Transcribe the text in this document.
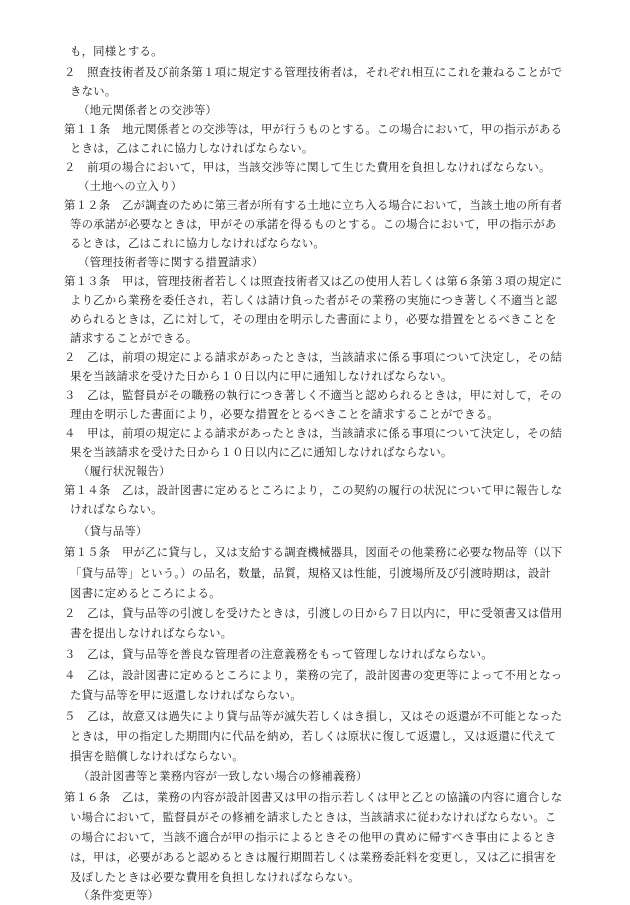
も，同様とする。
２　照査技術者及び前条第１項に規定する管理技術者は，それぞれ相互にこれを兼ねることがで
きない。
（地元関係者との交渉等）
第１１条　地元関係者との交渉等は，甲が行うものとする。この場合において，甲の指示がある
ときは，乙はこれに協力しなければならない。
２　前項の場合において，甲は，当該交渉等に関して生じた費用を負担しなければならない。
（土地への立入り）
第１２条　乙が調査のために第三者が所有する土地に立ち入る場合において，当該土地の所有者
等の承諾が必要なときは，甲がその承諾を得るものとする。この場合において，甲の指示があ
るときは，乙はこれに協力しなければならない。
（管理技術者等に関する措置請求）
第１３条　甲は，管理技術者若しくは照査技術者又は乙の使用人若しくは第６条第３項の規定に
より乙から業務を委任され，若しくは請け負った者がその業務の実施につき著しく不適当と認
められるときは，乙に対して，その理由を明示した書面により，必要な措置をとるべきことを
請求することができる。
２　乙は，前項の規定による請求があったときは，当該請求に係る事項について決定し，その結
果を当該請求を受けた日から１０日以内に甲に通知しなければならない。
３　乙は，監督員がその職務の執行につき著しく不適当と認められるときは，甲に対して，その
理由を明示した書面により，必要な措置をとるべきことを請求することができる。
４　甲は，前項の規定による請求があったときは，当該請求に係る事項について決定し，その結
果を当該請求を受けた日から１０日以内に乙に通知しなければならない。
（履行状況報告）
第１４条　乙は，設計図書に定めるところにより，この契約の履行の状況について甲に報告しな
ければならない。
（貸与品等）
第１５条　甲が乙に貸与し，又は支給する調査機械器具，図面その他業務に必要な物品等（以下
「貸与品等」という。）の品名，数量，品質，規格又は性能，引渡場所及び引渡時期は，設計
図書に定めるところによる。
２　乙は，貸与品等の引渡しを受けたときは，引渡しの日から７日以内に，甲に受領書又は借用
書を提出しなければならない。
３　乙は，貸与品等を善良な管理者の注意義務をもって管理しなければならない。
４　乙は，設計図書に定めるところにより，業務の完了，設計図書の変更等によって不用となっ
た貸与品等を甲に返還しなければならない。
５　乙は，故意又は過失により貸与品等が滅失若しくはき損し，又はその返還が不可能となった
ときは，甲の指定した期間内に代品を納め，若しくは原状に復して返還し，又は返還に代えて
損害を賠償しなければならない。
（設計図書等と業務内容が一致しない場合の修補義務）
第１６条　乙は，業務の内容が設計図書又は甲の指示若しくは甲と乙との協議の内容に適合しな
い場合において，監督員がその修補を請求したときは，当該請求に従わなければならない。こ
の場合において，当該不適合が甲の指示によるときその他甲の責めに帰すべき事由によるとき
は，甲は，必要があると認めるときは履行期間若しくは業務委託料を変更し，又は乙に損害を
及ぼしたときは必要な費用を負担しなければならない。
（条件変更等）
